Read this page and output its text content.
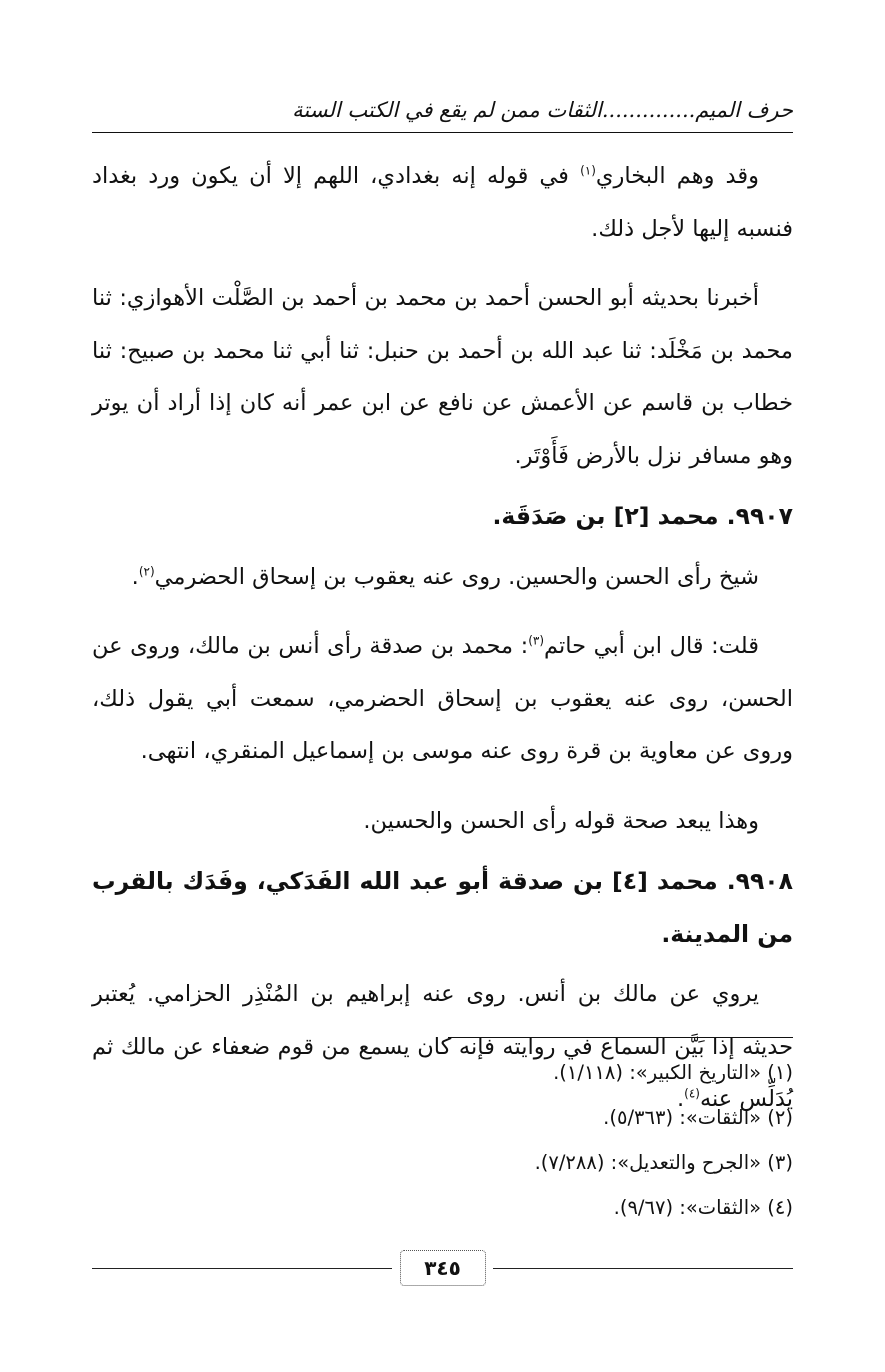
حرف الميم..............الثقات ممن لم يقع في الكتب الستة

وقد وهم البخاري$^{(١)}$ في قوله إنه بغدادي، اللهم إلا أن يكون ورد بغداد فنسبه إليها لأجل ذلك.

أخبرنا بحديثه أبو الحسن أحمد بن محمد بن أحمد بن الصَّلْت الأهوازي: ثنا محمد بن مَخْلَد: ثنا عبد الله بن أحمد بن حنبل: ثنا أبي ثنا محمد بن صبيح: ثنا خطاب بن قاسم عن الأعمش عن نافع عن ابن عمر أنه كان إذا أراد أن يوتر وهو مسافر نزل بالأرض فَأَوْتَر.

٩٩٠٧. محمد [٢] بن صَدَقَة.

شيخ رأى الحسن والحسين. روى عنه يعقوب بن إسحاق الحضرمي$^{(٢)}$.

قلت: قال ابن أبي حاتم$^{(٣)}$: محمد بن صدقة رأى أنس بن مالك، وروى عن الحسن، روى عنه يعقوب بن إسحاق الحضرمي، سمعت أبي يقول ذلك، وروى عن معاوية بن قرة روى عنه موسى بن إسماعيل المنقري، انتهى.

وهذا يبعد صحة قوله رأى الحسن والحسين.

٩٩٠٨. محمد [٤] بن صدقة أبو عبد الله الفَدَكي، وفَدَك بالقرب من المدينة.

يروي عن مالك بن أنس. روى عنه إبراهيم بن المُنْذِر الحزامي. يُعتبر حديثه إذا بَيَّن السماع في روايته فإنه كان يسمع من قوم ضعفاء عن مالك ثم يُدَلِّس عنه$^{(٤)}$.

(١) «التاريخ الكبير»: (١/١١٨).

(٢) «الثقات»: (٥/٣٦٣).

(٣) «الجرح والتعديل»: (٧/٢٨٨).

(٤) «الثقات»: (٩/٦٧).

٣٤٥
